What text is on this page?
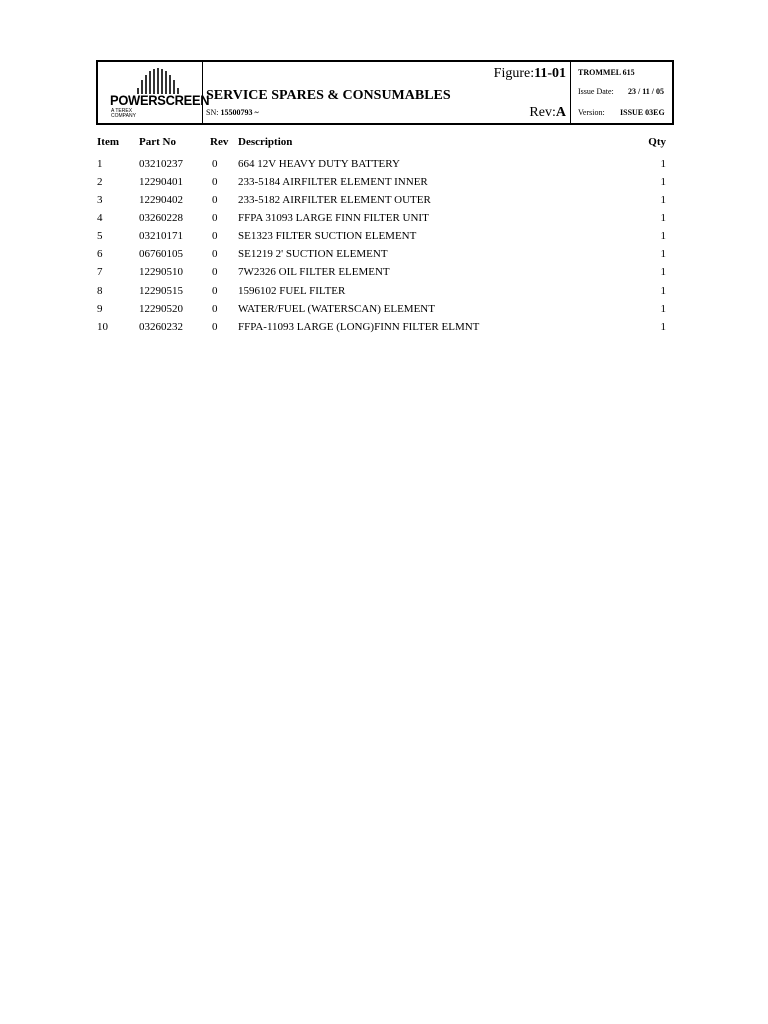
POWERSCREEN
A TEREX COMPANY
SERVICE SPARES & CONSUMABLES
SN: 15500793 ~
Figure:11-01
Rev:A
TROMMEL 615
Issue Date: 23 / 11 / 05
Version: ISSUE 03EG
Item Part No	Rev Description	Qty
1	03210237	0 664 12V HEAVY DUTY BATTERY	1
2	12290401	0 233-5184 AIRFILTER ELEMENT INNER	1
3	12290402	0 233-5182 AIRFILTER ELEMENT OUTER	1
4	03260228	0 FFPA 31093 LARGE FINN FILTER UNIT	1
5	03210171	0 SE1323 FILTER SUCTION ELEMENT	1
6	06760105	0 SE1219 2' SUCTION ELEMENT	1
7	12290510	0 7W2326 OIL FILTER ELEMENT	1
8	12290515	0 1596102 FUEL FILTER	1
9	12290520	0 WATER/FUEL (WATERSCAN) ELEMENT	1
10	03260232	0 FFPA-11093 LARGE (LONG)FINN FILTER ELMNT	1
